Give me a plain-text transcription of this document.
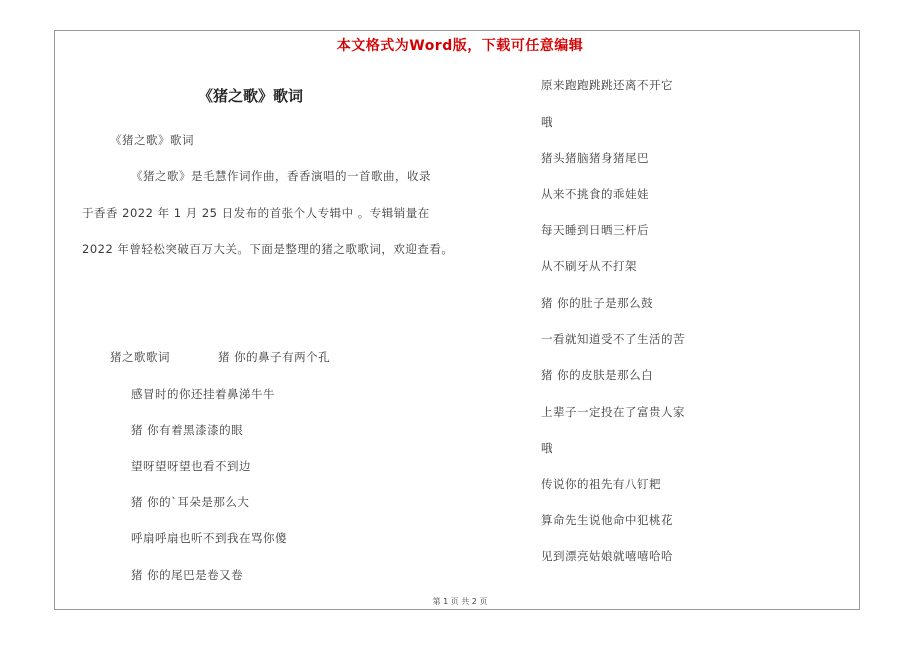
本文格式为Word版，下载可任意编辑
《猪之歌》歌词
《猪之歌》歌词
《猪之歌》是毛慧作词作曲，香香演唱的一首歌曲，收录
于香香 2022 年 1 月 25 日发布的首张个人专辑中 。专辑销量在
2022 年曾轻松突破百万大关。下面是整理的猪之歌歌词，欢迎查看。
猪之歌歌词	猪 你的鼻子有两个孔
感冒时的你还挂着鼻涕牛牛
猪 你有着黑漆漆的眼
望呀望呀望也看不到边
猪 你的`耳朵是那么大
呼扇呼扇也听不到我在骂你傻
猪 你的尾巴是卷又卷
原来跑跑跳跳还离不开它
哦
猪头猪脑猪身猪尾巴
从来不挑食的乖娃娃
每天睡到日晒三杆后
从不刷牙从不打架
猪 你的肚子是那么鼓
一看就知道受不了生活的苦
猪 你的皮肤是那么白
上辈子一定投在了富贵人家
哦
传说你的祖先有八钉耙
算命先生说他命中犯桃花
见到漂亮姑娘就嘻嘻哈哈
第 1 页 共 2 页
